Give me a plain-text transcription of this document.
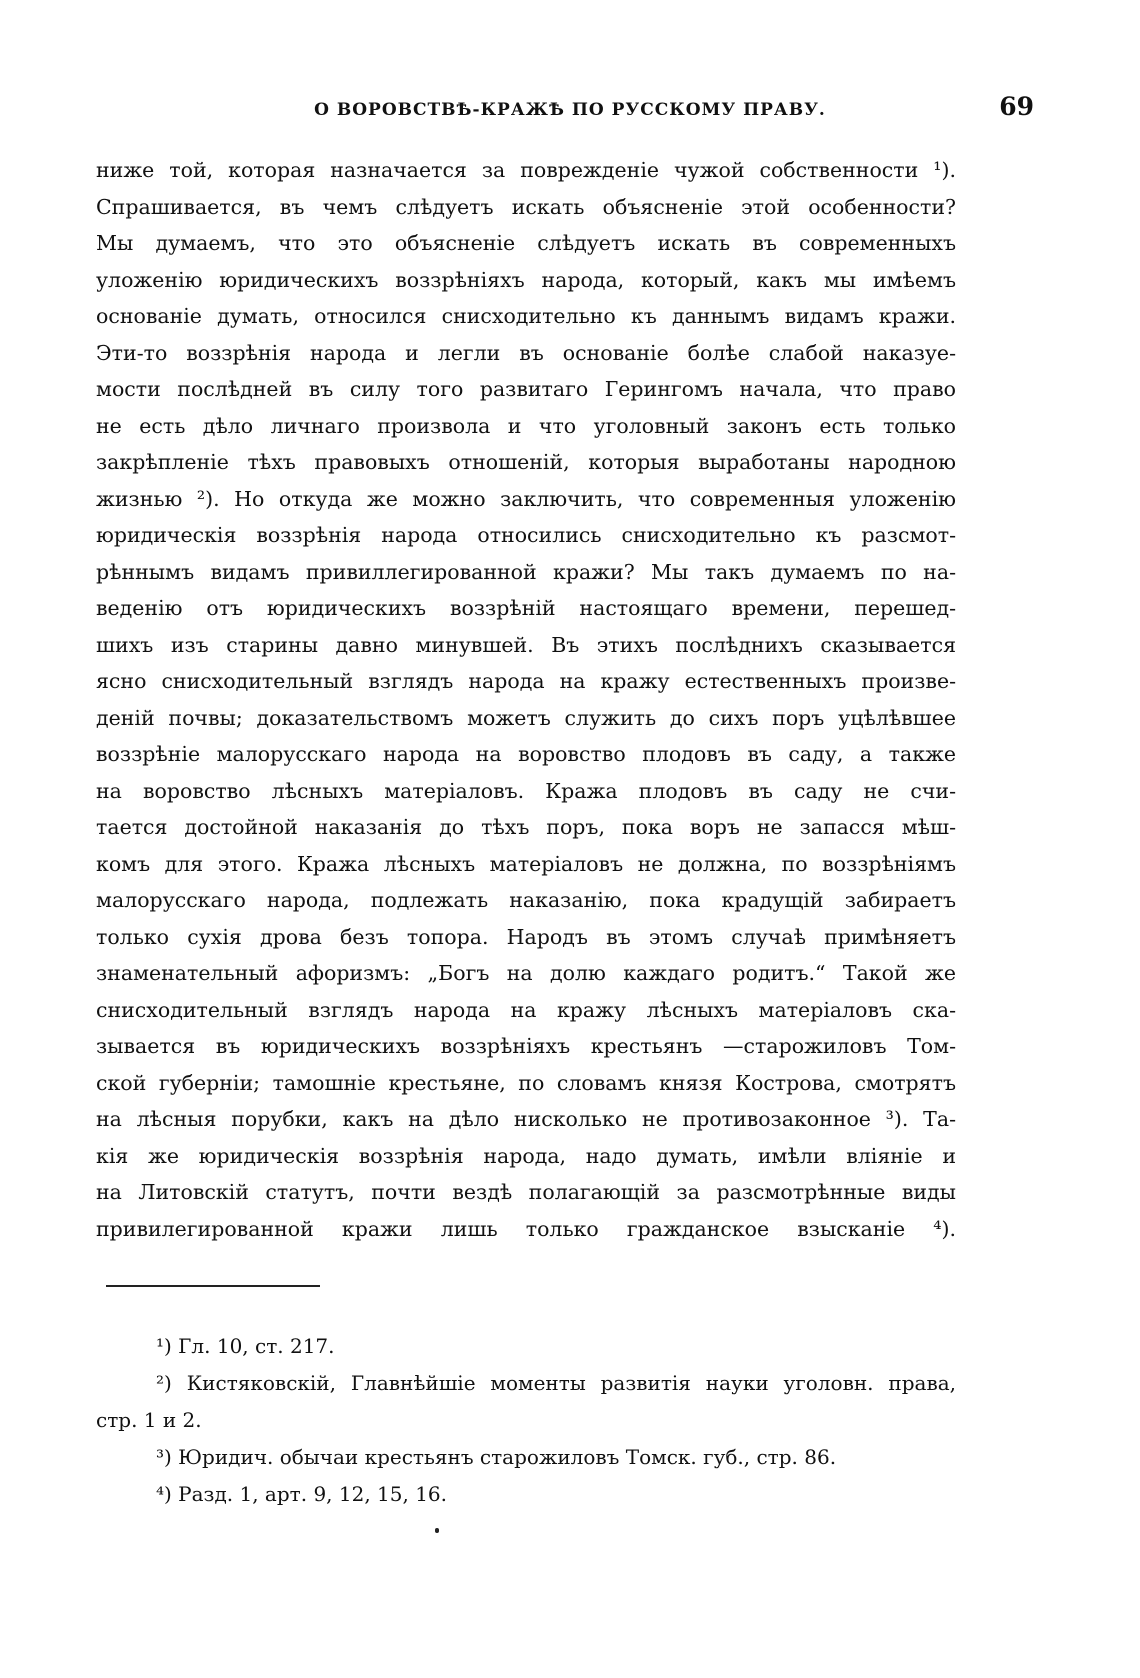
О ВОРОВСТВѢ-КРАЖѢ ПО РУССКОМУ ПРАВУ.	69
ниже той, которая назначается за поврежденіе чужой собственности ¹).
Спрашивается, въ чемъ слѣдуетъ искать объясненіе этой особенности?
Мы думаемъ, что это объясненіе слѣдуетъ искать въ современныхъ
уложенію юридическихъ воззрѣніяхъ народа, который, какъ мы имѣемъ
основаніе думать, относился снисходительно къ даннымъ видамъ кражи.
Эти-то воззрѣнія народа и легли въ основаніе болѣе слабой наказуе-
мости послѣдней въ силу того развитаго Герингомъ начала, что право
не есть дѣло личнаго произвола и что уголовный законъ есть только
закрѣпленіе тѣхъ правовыхъ отношеній, которыя выработаны народною
жизнью ²). Но откуда же можно заключить, что современныя уложенію
юридическія воззрѣнія народа относились снисходительно къ разсмот-
рѣннымъ видамъ привиллегированной кражи? Мы такъ думаемъ по на-
веденію отъ юридическихъ воззрѣній настоящаго времени, перешед-
шихъ изъ старины давно минувшей. Въ этихъ послѣднихъ сказывается
ясно снисходительный взглядъ народа на кражу естественныхъ произве-
деній почвы; доказательствомъ можетъ служить до сихъ поръ уцѣлѣвшее
воззрѣніе малорусскаго народа на воровство плодовъ въ саду, а также
на воровство лѣсныхъ матеріаловъ. Кража плодовъ въ саду не счи-
тается достойной наказанія до тѣхъ поръ, пока воръ не запасся мѣш-
комъ для этого. Кража лѣсныхъ матеріаловъ не должна, по воззрѣніямъ
малорусскаго народа, подлежать наказанію, пока крадущій забираетъ
только сухія дрова безъ топора. Народъ въ этомъ случаѣ примѣняетъ
знаменательный афоризмъ: „Богъ на долю каждаго родитъ.“ Такой же
снисходительный взглядъ народа на кражу лѣсныхъ матеріаловъ ска-
зывается въ юридическихъ воззрѣніяхъ крестьянъ —старожиловъ Том-
ской губерніи; тамошніе крестьяне, по словамъ князя Кострова, смотрятъ
на лѣсныя порубки, какъ на дѣло нисколько не противозаконное ³). Та-
кія же юридическія воззрѣнія народа, надо думать, имѣли вліяніе и
на Литовскій статутъ, почти вездѣ полагающій за разсмотрѣнные виды
привилегированной кражи лишь только гражданское взысканіе ⁴).
¹) Гл. 10, ст. 217.
²) Кистяковскій, Главнѣйшіе моменты развитія науки уголовн. права,
стр. 1 и 2.
³) Юридич. обычаи крестьянъ старожиловъ Томск. губ., стр. 86.
⁴) Разд. 1, арт. 9, 12, 15, 16.
